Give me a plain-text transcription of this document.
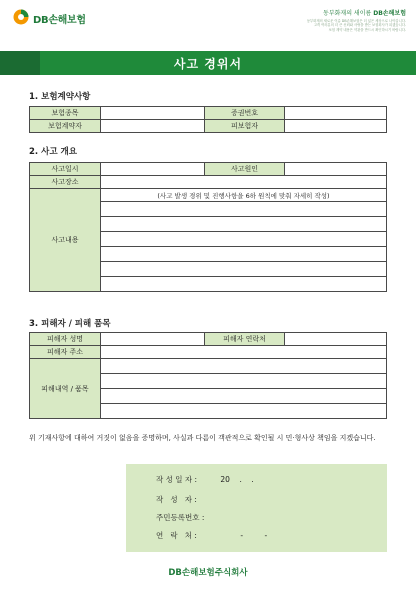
DB손해보험
동부화재의 새이름 DB손해보험
동부화재의 새로운 이름 DB손해보험은 더 넓은 세상으로 나아갑니다.
고객 여러분의 더 큰 신뢰와 사랑을 받는 보험회사가 되겠습니다.
보험 계약 내용은 약관을 반드시 확인하시기 바랍니다.
사고 경위서
1. 보험계약사항
보험종목		증권번호	
보험계약자		피보험자	
2. 사고 개요
사고일시		사고원인	
사고장소			
사고내용	(사고 발생 경위 및 진행사항을 6하 원칙에 맞춰 자세히 작성)		

3. 피해자 / 피해 품목
피해자 성명		피해자 연락처	
피해자 주소			
피해내역 / 품목			

위 기재사항에 대하여 거짓이 없음을 증명하며, 사실과 다름이 객관적으로 확인될 시 민·형사상 책임을 지겠습니다.
작 성 일 자 :	20    .    .
작   성   자 :
주민등록번호 :
연   락   처 :	-         -
DB손해보험주식회사
